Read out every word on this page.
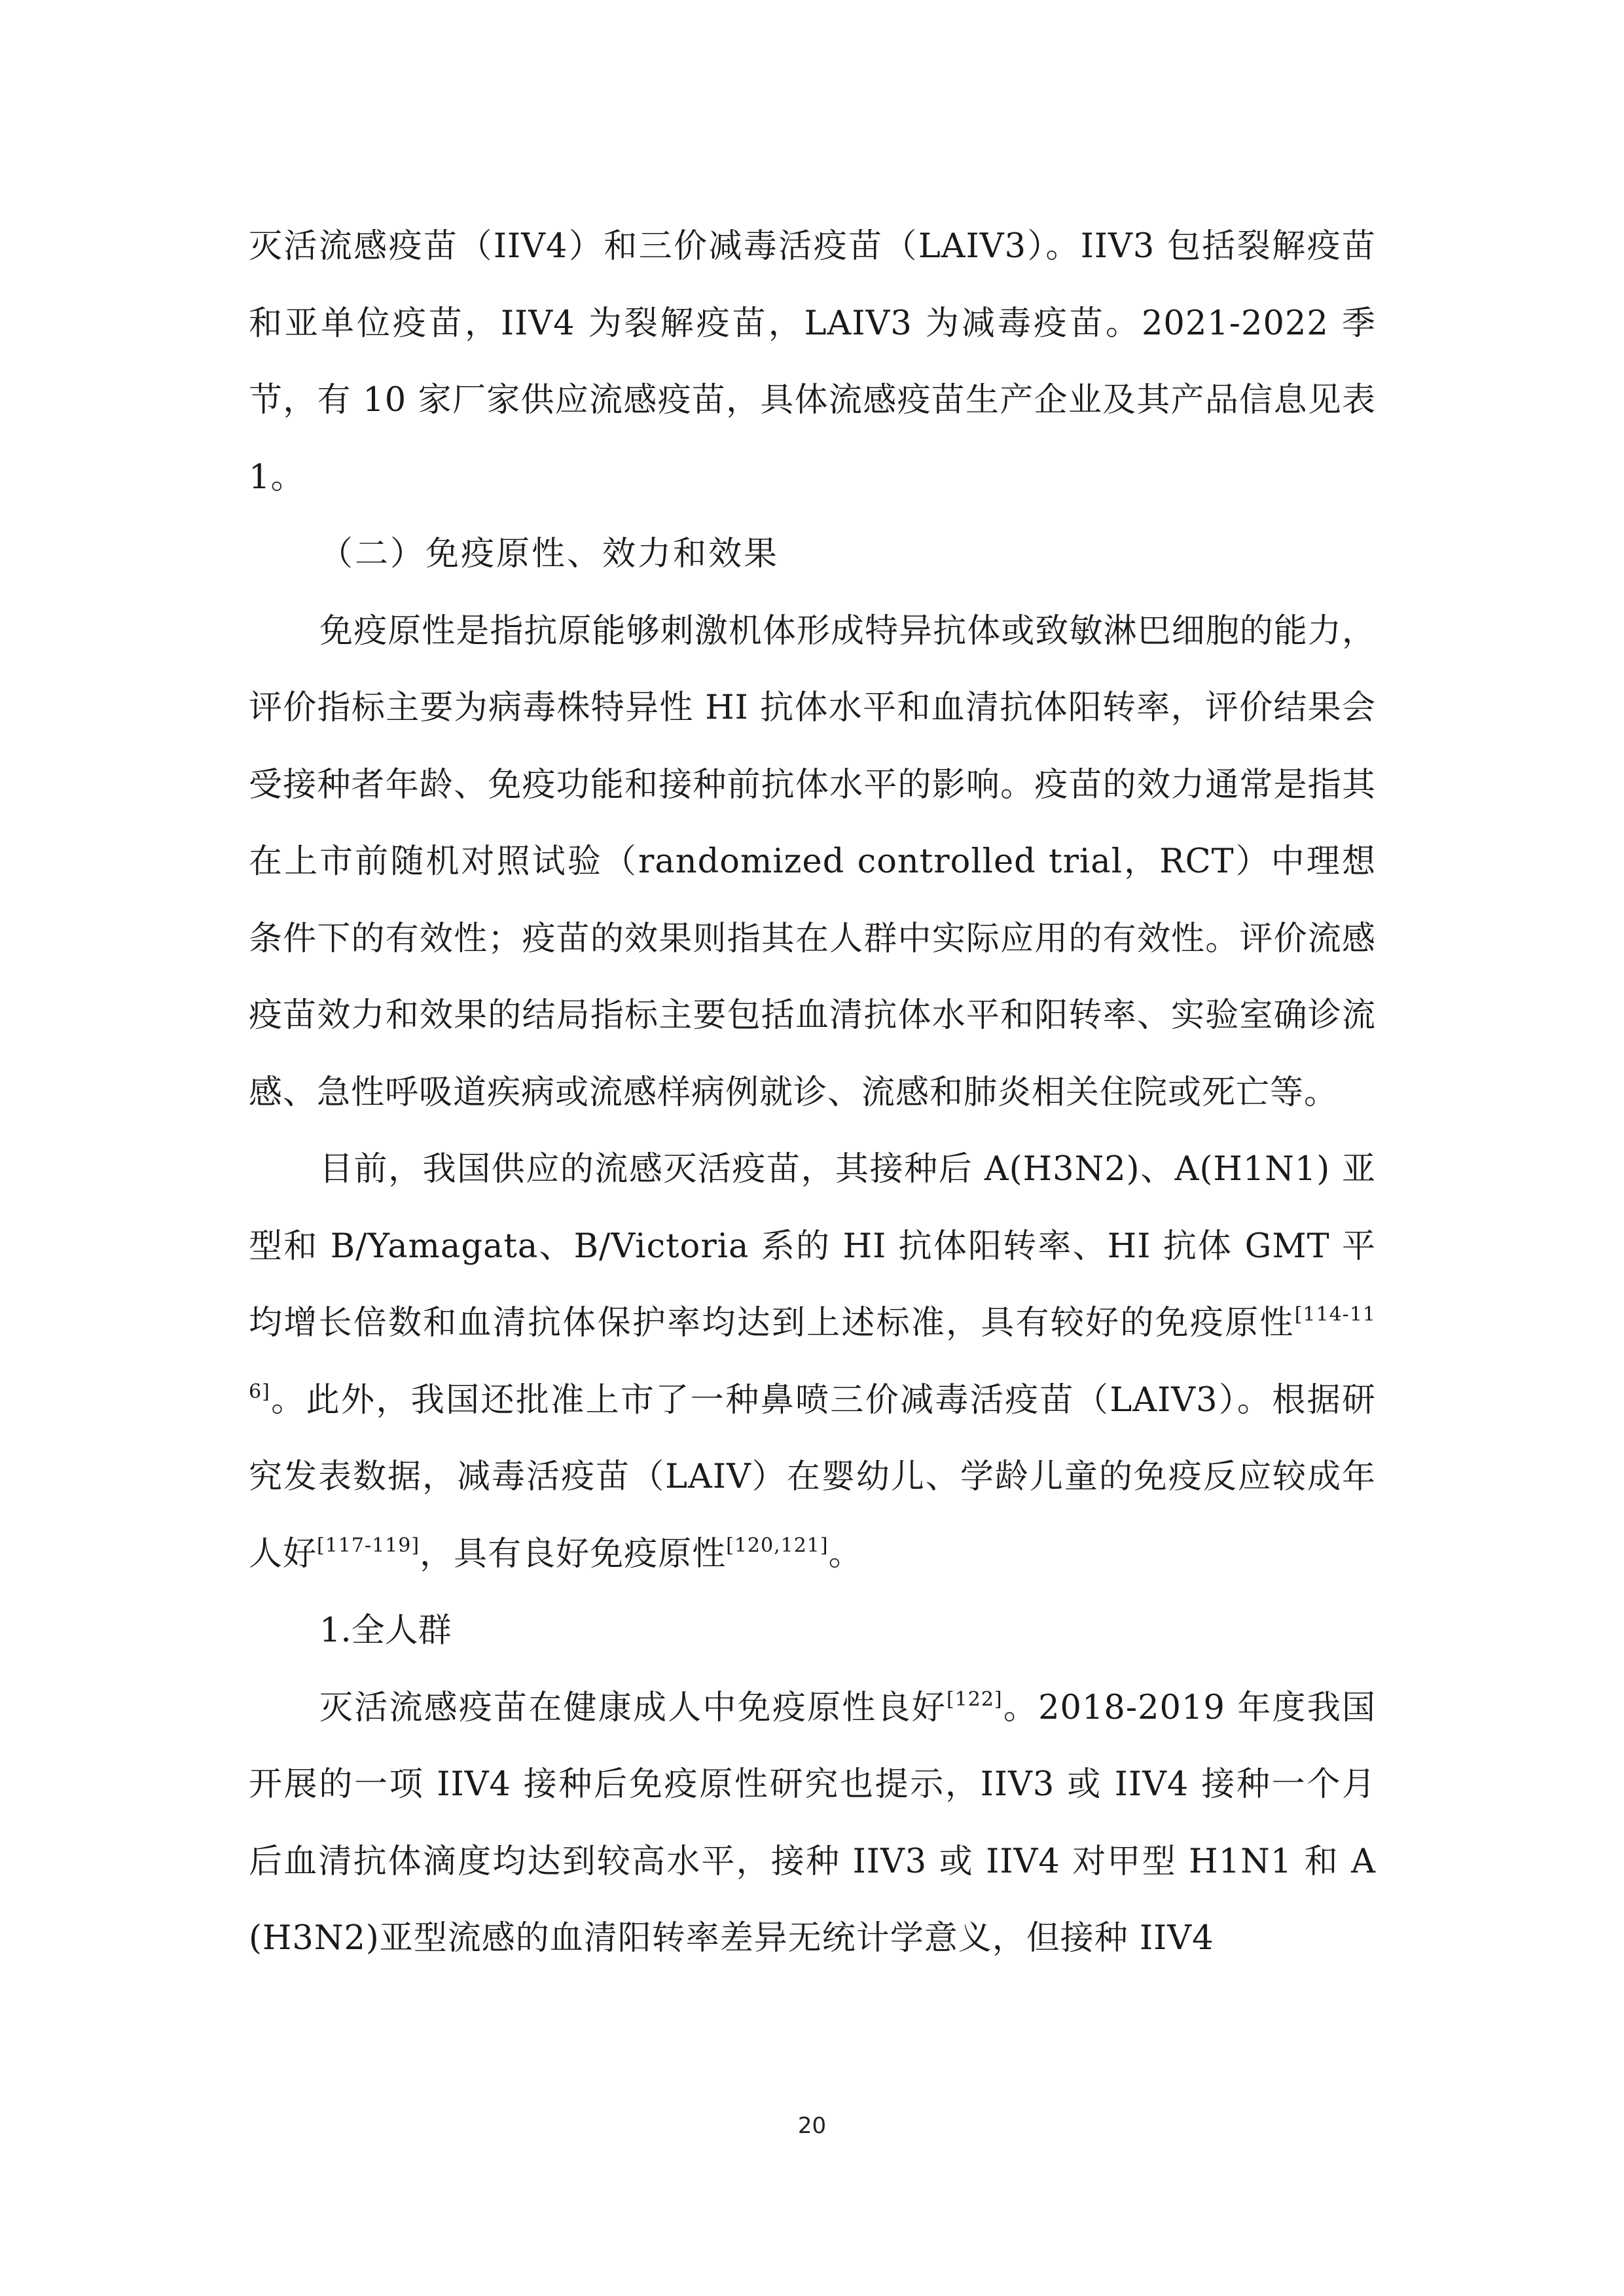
灭活流感疫苗（IIV4）和三价减毒活疫苗（LAIV3）。IIV3 包括裂解疫苗和亚单位疫苗，IIV4 为裂解疫苗，LAIV3 为减毒疫苗。2021-2022 季节，有 10 家厂家供应流感疫苗，具体流感疫苗生产企业及其产品信息见表 1。

（二）免疫原性、效力和效果

免疫原性是指抗原能够刺激机体形成特异抗体或致敏淋巴细胞的能力，评价指标主要为病毒株特异性 HI 抗体水平和血清抗体阳转率，评价结果会受接种者年龄、免疫功能和接种前抗体水平的影响。疫苗的效力通常是指其在上市前随机对照试验（randomized controlled trial，RCT）中理想条件下的有效性；疫苗的效果则指其在人群中实际应用的有效性。评价流感疫苗效力和效果的结局指标主要包括血清抗体水平和阳转率、实验室确诊流感、急性呼吸道疾病或流感样病例就诊、流感和肺炎相关住院或死亡等。

目前，我国供应的流感灭活疫苗，其接种后 A(H3N2)、A(H1N1) 亚型和 B/Yamagata、B/Victoria 系的 HI 抗体阳转率、HI 抗体 GMT 平均增长倍数和血清抗体保护率均达到上述标准，具有较好的免疫原性[114-116]。此外，我国还批准上市了一种鼻喷三价减毒活疫苗（LAIV3）。根据研究发表数据，减毒活疫苗（LAIV）在婴幼儿、学龄儿童的免疫反应较成年人好[117-119]，具有良好免疫原性[120,121]。

1.全人群

灭活流感疫苗在健康成人中免疫原性良好[122]。2018-2019 年度我国开展的一项 IIV4 接种后免疫原性研究也提示，IIV3 或 IIV4 接种一个月后血清抗体滴度均达到较高水平，接种 IIV3 或 IIV4 对甲型 H1N1 和 A(H3N2)亚型流感的血清阳转率差异无统计学意义，但接种 IIV4

20
